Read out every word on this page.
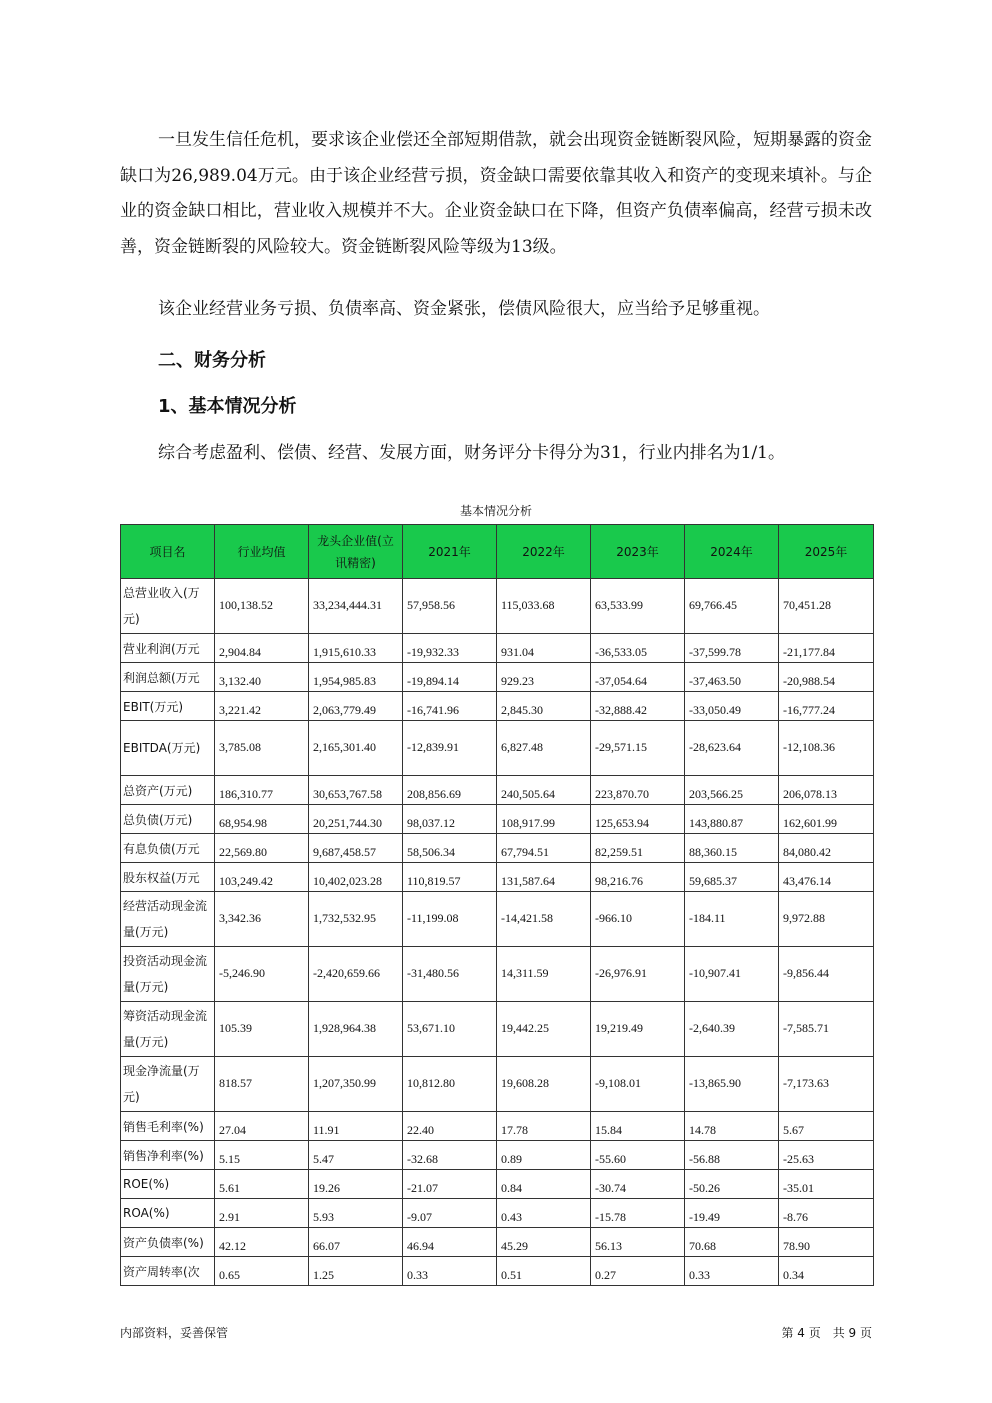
一旦发生信任危机，要求该企业偿还全部短期借款，就会出现资金链断裂风险，短期暴露的资金缺口为26,989.04万元。由于该企业经营亏损，资金缺口需要依靠其收入和资产的变现来填补。与企业的资金缺口相比，营业收入规模并不大。企业资金缺口在下降，但资产负债率偏高，经营亏损未改善，资金链断裂的风险较大。资金链断裂风险等级为13级。

该企业经营业务亏损、负债率高、资金紧张，偿债风险很大，应当给予足够重视。

二、财务分析
1、基本情况分析

综合考虑盈利、偿债、经营、发展方面，财务评分卡得分为31，行业内排名为1/1。

基本情况分析
项目名	行业均值	龙头企业值(立讯精密)	2021年	2022年	2023年	2024年	2025年
总营业收入(万元)	100,138.52	33,234,444.31	57,958.56	115,033.68	63,533.99	69,766.45	70,451.28
营业利润(万元	2,904.84	1,915,610.33	-19,932.33	931.04	-36,533.05	-37,599.78	-21,177.84
利润总额(万元	3,132.40	1,954,985.83	-19,894.14	929.23	-37,054.64	-37,463.50	-20,988.54
EBIT(万元)	3,221.42	2,063,779.49	-16,741.96	2,845.30	-32,888.42	-33,050.49	-16,777.24
EBITDA(万元)	3,785.08	2,165,301.40	-12,839.91	6,827.48	-29,571.15	-28,623.64	-12,108.36
总资产(万元)	186,310.77	30,653,767.58	208,856.69	240,505.64	223,870.70	203,566.25	206,078.13
总负债(万元)	68,954.98	20,251,744.30	98,037.12	108,917.99	125,653.94	143,880.87	162,601.99
有息负债(万元	22,569.80	9,687,458.57	58,506.34	67,794.51	82,259.51	88,360.15	84,080.42
股东权益(万元	103,249.42	10,402,023.28	110,819.57	131,587.64	98,216.76	59,685.37	43,476.14
经营活动现金流量(万元)	3,342.36	1,732,532.95	-11,199.08	-14,421.58	-966.10	-184.11	9,972.88
投资活动现金流量(万元)	-5,246.90	-2,420,659.66	-31,480.56	14,311.59	-26,976.91	-10,907.41	-9,856.44
筹资活动现金流量(万元)	105.39	1,928,964.38	53,671.10	19,442.25	19,219.49	-2,640.39	-7,585.71
现金净流量(万元)	818.57	1,207,350.99	10,812.80	19,608.28	-9,108.01	-13,865.90	-7,173.63
销售毛利率(%)	27.04	11.91	22.40	17.78	15.84	14.78	5.67
销售净利率(%)	5.15	5.47	-32.68	0.89	-55.60	-56.88	-25.63
ROE(%)	5.61	19.26	-21.07	0.84	-30.74	-50.26	-35.01
ROA(%)	2.91	5.93	-9.07	0.43	-15.78	-19.49	-8.76
资产负债率(%)	42.12	66.07	46.94	45.29	56.13	70.68	78.90
资产周转率(次	0.65	1.25	0.33	0.51	0.27	0.33	0.34
内部资料，妥善保管	第 4 页　共 9 页
